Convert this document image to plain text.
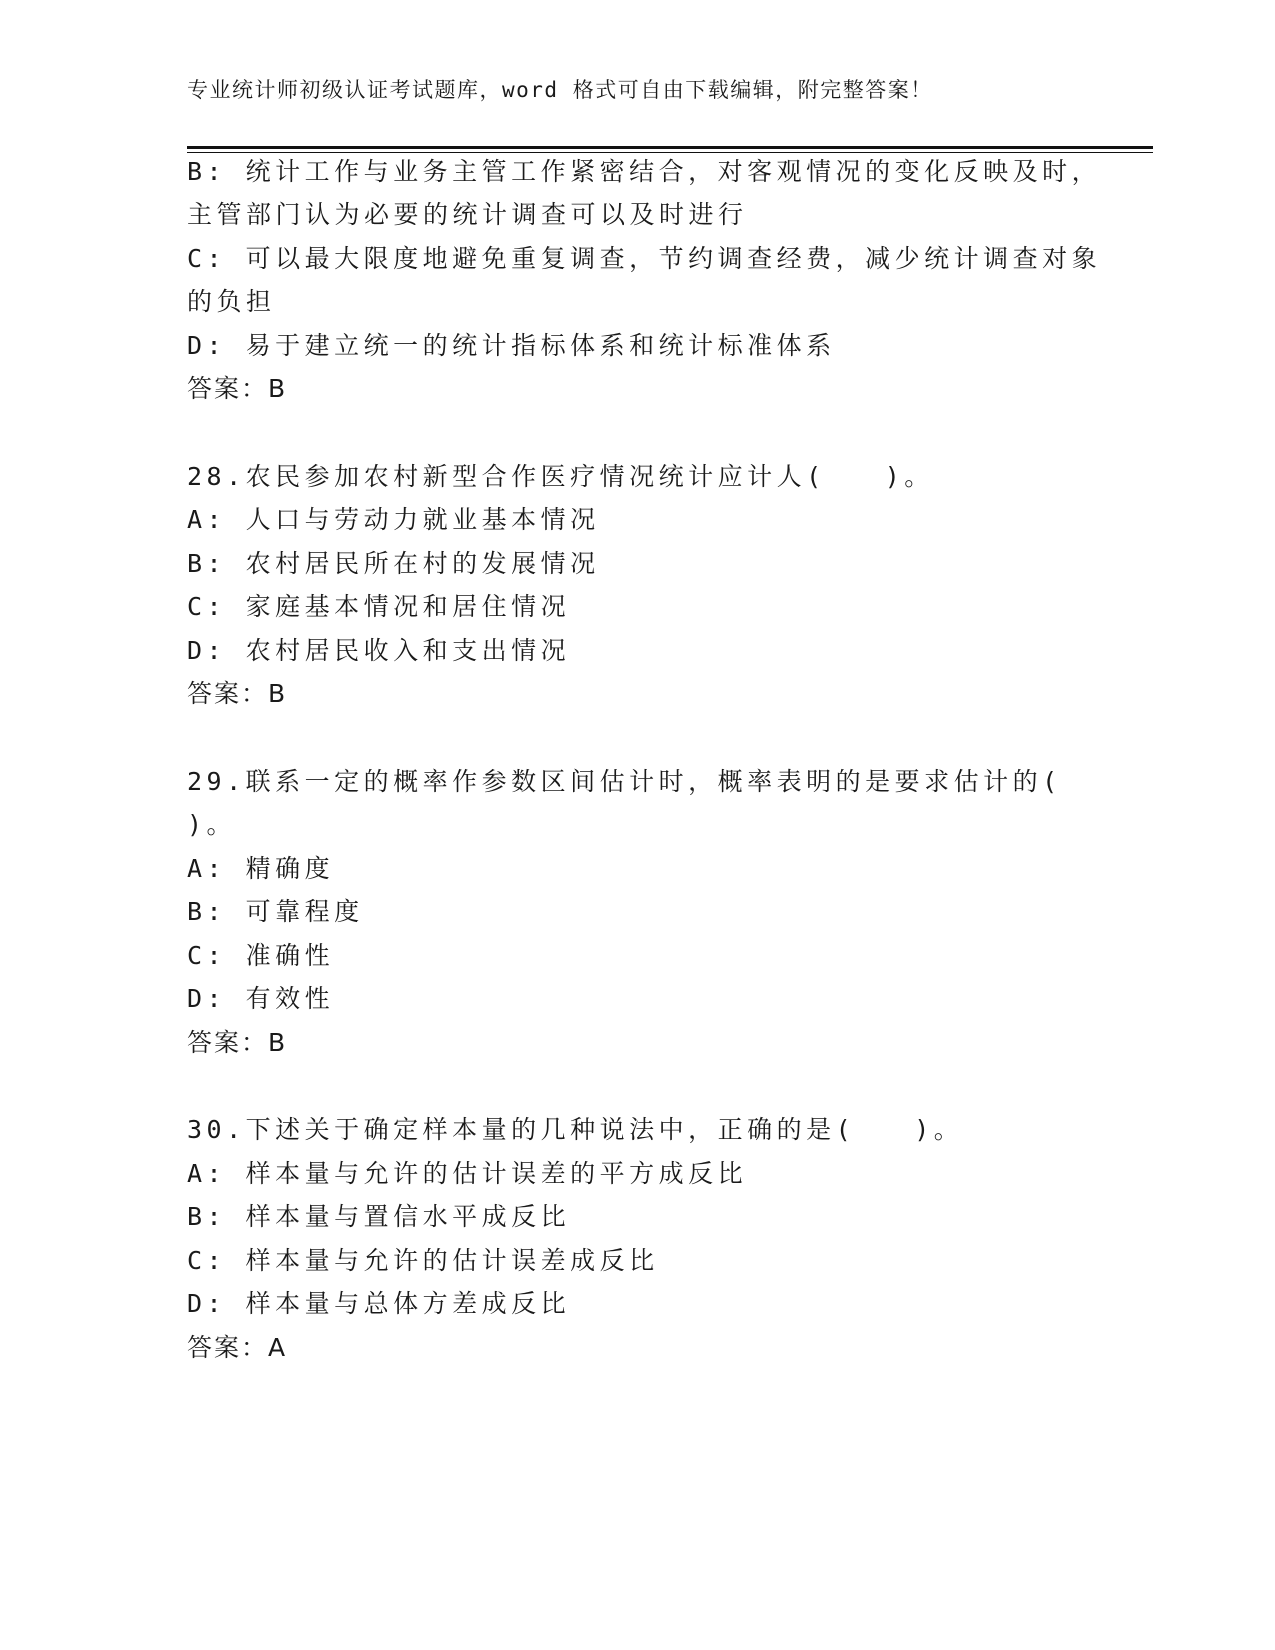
专业统计师初级认证考试题库，word 格式可自由下载编辑，附完整答案！
B: 统计工作与业务主管工作紧密结合，对客观情况的变化反映及时，
主管部门认为必要的统计调查可以及时进行
C: 可以最大限度地避免重复调查，节约调查经费，减少统计调查对象
的负担
D: 易于建立统一的统计指标体系和统计标准体系
答案：B
28.农民参加农村新型合作医疗情况统计应计人(　　)。
A: 人口与劳动力就业基本情况
B: 农村居民所在村的发展情况
C: 家庭基本情况和居住情况
D: 农村居民收入和支出情况
答案：B
29.联系一定的概率作参数区间估计时，概率表明的是要求估计的(
)。
A: 精确度
B: 可靠程度
C: 准确性
D: 有效性
答案：B
30.下述关于确定样本量的几种说法中，正确的是(　　)。
A: 样本量与允许的估计误差的平方成反比
B: 样本量与置信水平成反比
C: 样本量与允许的估计误差成反比
D: 样本量与总体方差成反比
答案：A
